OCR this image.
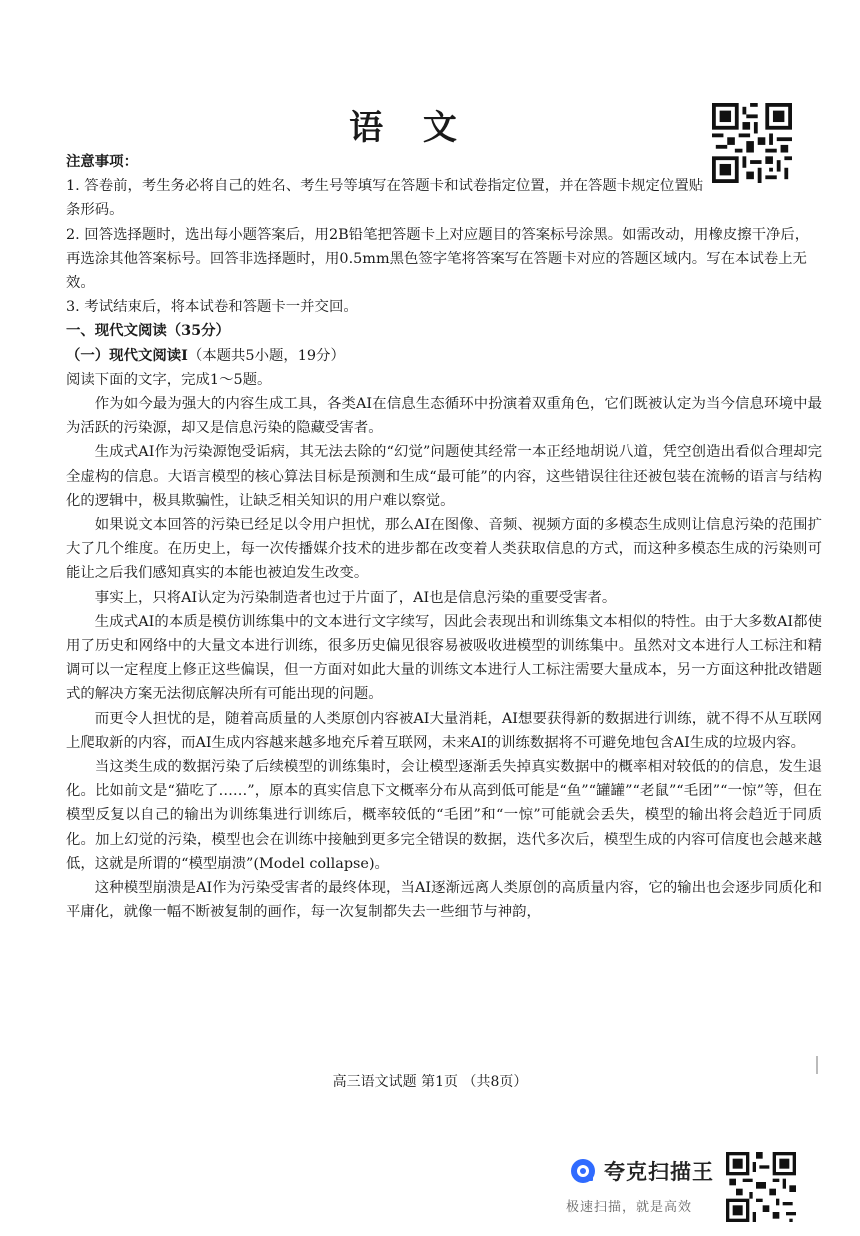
语 文

注意事项：

1. 答卷前，考生务必将自己的姓名、考生号等填写在答题卡和试卷指定位置，并在答题卡规定位置贴条形码。

2. 回答选择题时，选出每小题答案后，用2B铅笔把答题卡上对应题目的答案标号涂黑。如需改动，用橡皮擦干净后，再选涂其他答案标号。回答非选择题时，用0.5mm黑色签字笔将答案写在答题卡对应的答题区域内。写在本试卷上无效。

3. 考试结束后，将本试卷和答题卡一并交回。

一、现代文阅读（35分）

（一）现代文阅读Ⅰ（本题共5小题，19分）

阅读下面的文字，完成1～5题。

作为如今最为强大的内容生成工具，各类AI在信息生态循环中扮演着双重角色，它们既被认定为当今信息环境中最为活跃的污染源，却又是信息污染的隐藏受害者。

生成式AI作为污染源饱受诟病，其无法去除的“幻觉”问题使其经常一本正经地胡说八道，凭空创造出看似合理却完全虚构的信息。大语言模型的核心算法目标是预测和生成“最可能”的内容，这些错误往往还被包装在流畅的语言与结构化的逻辑中，极具欺骗性，让缺乏相关知识的用户难以察觉。

如果说文本回答的污染已经足以令用户担忧，那么AI在图像、音频、视频方面的多模态生成则让信息污染的范围扩大了几个维度。在历史上，每一次传播媒介技术的进步都在改变着人类获取信息的方式，而这种多模态生成的污染则可能让之后我们感知真实的本能也被迫发生改变。

事实上，只将AI认定为污染制造者也过于片面了，AI也是信息污染的重要受害者。

生成式AI的本质是模仿训练集中的文本进行文字续写，因此会表现出和训练集文本相似的特性。由于大多数AI都使用了历史和网络中的大量文本进行训练，很多历史偏见很容易被吸收进模型的训练集中。虽然对文本进行人工标注和精调可以一定程度上修正这些偏误，但一方面对如此大量的训练文本进行人工标注需要大量成本，另一方面这种批改错题式的解决方案无法彻底解决所有可能出现的问题。

而更令人担忧的是，随着高质量的人类原创内容被AI大量消耗，AI想要获得新的数据进行训练，就不得不从互联网上爬取新的内容，而AI生成内容越来越多地充斥着互联网，未来AI的训练数据将不可避免地包含AI生成的垃圾内容。

当这类生成的数据污染了后续模型的训练集时，会让模型逐渐丢失掉真实数据中的概率相对较低的的信息，发生退化。比如前文是“猫吃了……”，原本的真实信息下文概率分布从高到低可能是“鱼”“罐罐”“老鼠”“毛团”“一惊”等，但在模型反复以自己的输出为训练集进行训练后，概率较低的“毛团”和“一惊”可能就会丢失，模型的输出将会趋近于同质化。加上幻觉的污染，模型也会在训练中接触到更多完全错误的数据，迭代多次后，模型生成的内容可信度也会越来越低，这就是所谓的“模型崩溃”(Model collapse)。

这种模型崩溃是AI作为污染受害者的最终体现，当AI逐渐远离人类原创的高质量内容，它的输出也会逐步同质化和平庸化，就像一幅不断被复制的画作，每一次复制都失去一些细节与神韵，

高三语文试题 第1页 （共8页）
夸克扫描王
极速扫描，就是高效
